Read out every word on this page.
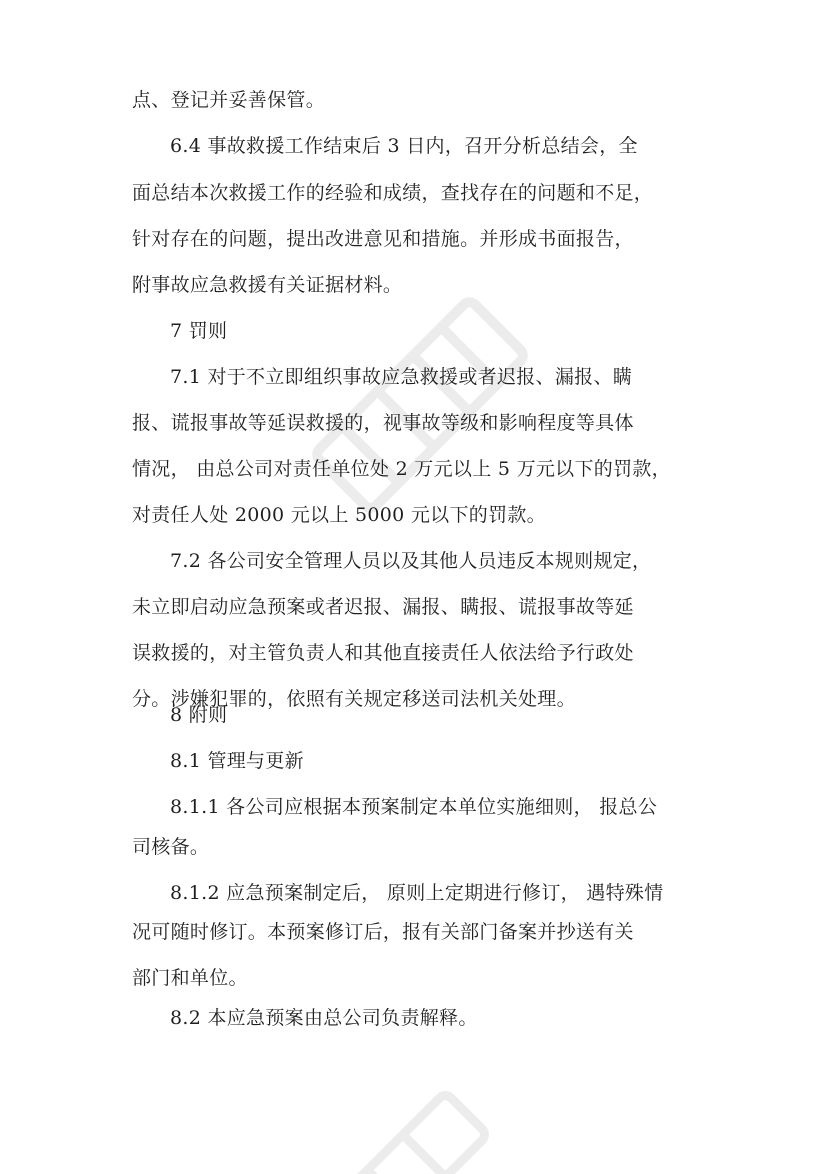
点、登记并妥善保管。
6.4 事故救援工作结束后 3 日内，召开分析总结会，全
面总结本次救援工作的经验和成绩，查找存在的问题和不足，
针对存在的问题，提出改进意见和措施。并形成书面报告，
附事故应急救援有关证据材料。
7 罚则
7.1 对于不立即组织事故应急救援或者迟报、漏报、瞒
报、谎报事故等延误救援的，视事故等级和影响程度等具体
情况， 由总公司对责任单位处 2 万元以上 5 万元以下的罚款，
对责任人处 2000 元以上 5000 元以下的罚款。
7.2 各公司安全管理人员以及其他人员违反本规则规定，
未立即启动应急预案或者迟报、漏报、瞒报、谎报事故等延
误救援的，对主管负责人和其他直接责任人依法给予行政处
分。涉嫌犯罪的，依照有关规定移送司法机关处理。
8 附则
8.1 管理与更新
8.1.1 各公司应根据本预案制定本单位实施细则， 报总公
司核备。
8.1.2 应急预案制定后， 原则上定期进行修订， 遇特殊情
况可随时修订。本预案修订后，报有关部门备案并抄送有关
部门和单位。
8.2 本应急预案由总公司负责解释。
